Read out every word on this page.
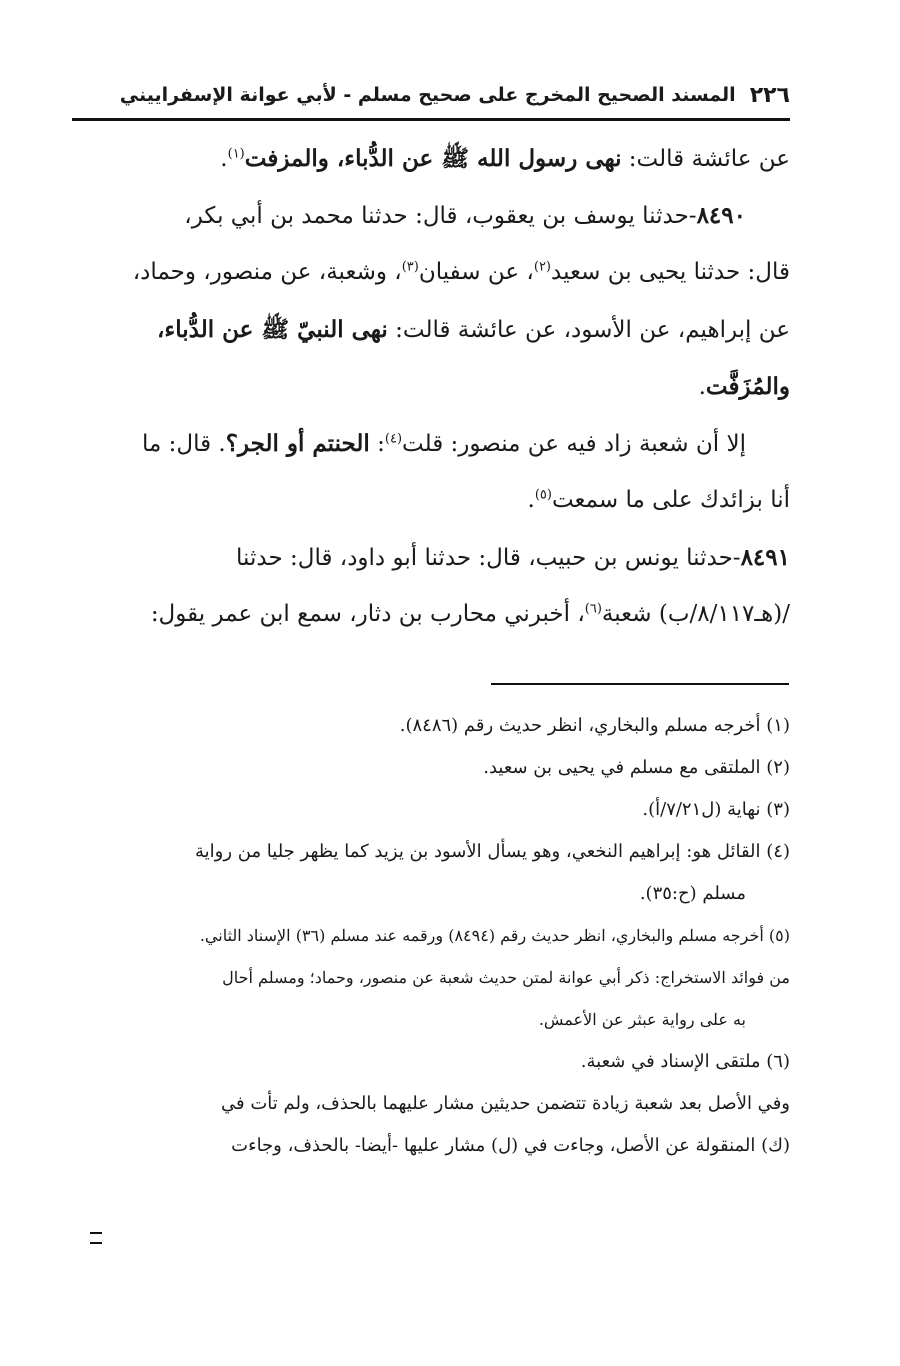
٢٢٦
المسند الصحيح المخرج على صحيح مسلم - لأبي عوانة الإسفراييني
عن عائشة قالت: نهى رسول الله ﷺ عن الدُّباء، والمزفت$^{(١)}$.
٨٤٩٠-حدثنا يوسف بن يعقوب، قال: حدثنا محمد بن أبي بكر،
قال: حدثنا يحيى بن سعيد$^{(٢)}$، عن سفيان$^{(٣)}$، وشعبة، عن منصور، وحماد،
عن إبراهيم، عن الأسود، عن عائشة قالت: نهى النبيّ ﷺ عن الدُّباء،
والمُزَفَّت.
إلا أن شعبة زاد فيه عن منصور: قلت$^{(٤)}$: الحنتم أو الجر؟. قال: ما
أنا بزائدك على ما سمعت$^{(٥)}$.
٨٤٩١-حدثنا يونس بن حبيب، قال: حدثنا أبو داود، قال: حدثنا
/(هـ٨/١١٧/ب) شعبة$^{(٦)}$، أخبرني محارب بن دثار، سمع ابن عمر يقول:
(١) أخرجه مسلم والبخاري، انظر حديث رقم (٨٤٨٦).
(٢) الملتقى مع مسلم في يحيى بن سعيد.
(٣) نهاية (ل٧/٢١/أ).
(٤) القائل هو: إبراهيم النخعي، وهو يسأل الأسود بن يزيد كما يظهر جليا من رواية
مسلم (ح:٣٥).
(٥) أخرجه مسلم والبخاري، انظر حديث رقم (٨٤٩٤) ورقمه عند مسلم (٣٦) الإسناد الثاني.
من فوائد الاستخراج: ذكر أبي عوانة لمتن حديث شعبة عن منصور، وحماد؛ ومسلم أحال
به على رواية عبثر عن الأعمش.
(٦) ملتقى الإسناد في شعبة.
وفي الأصل بعد شعبة زيادة تتضمن حديثين مشار عليهما بالحذف، ولم تأت في
(ك) المنقولة عن الأصل، وجاءت في (ل) مشار عليها -أيضا- بالحذف، وجاءت
